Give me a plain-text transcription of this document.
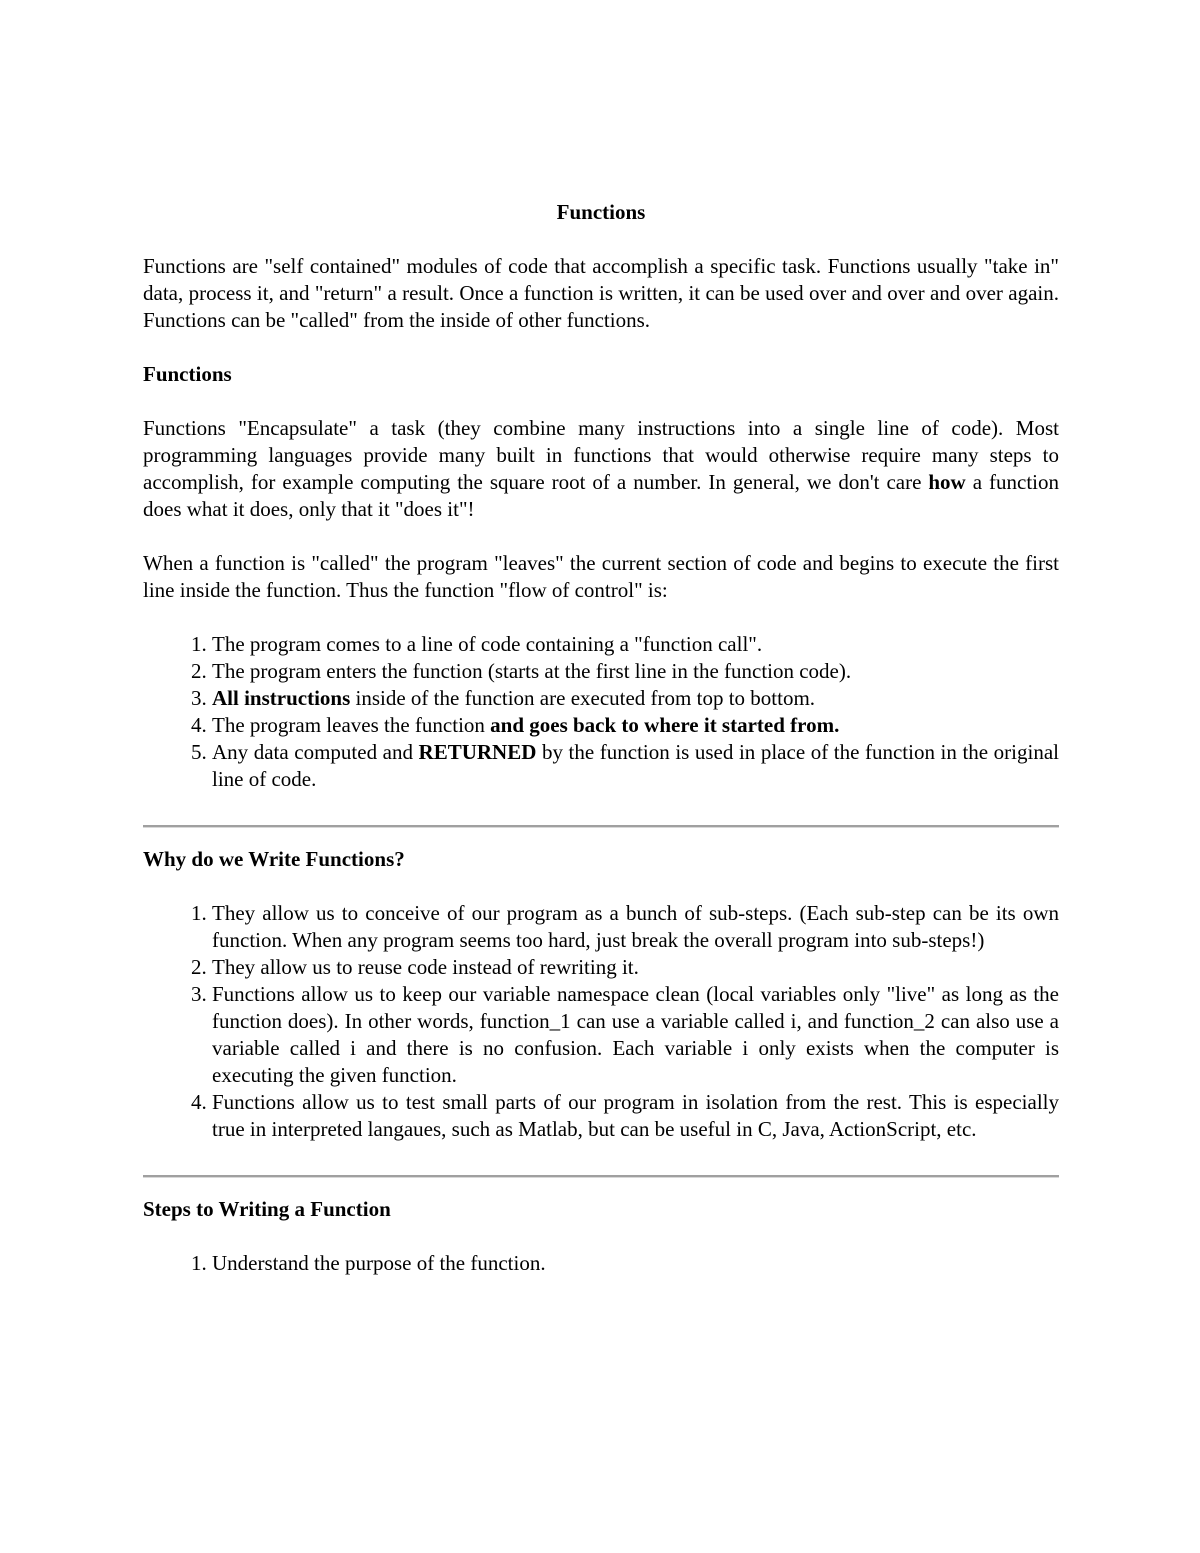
Functions

Functions are "self contained" modules of code that accomplish a specific task. Functions usually "take in" data, process it, and "return" a result. Once a function is written, it can be used over and over and over again. Functions can be "called" from the inside of other functions.

Functions

Functions "Encapsulate" a task (they combine many instructions into a single line of code). Most programming languages provide many built in functions that would otherwise require many steps to accomplish, for example computing the square root of a number. In general, we don't care how a function does what it does, only that it "does it"!

When a function is "called" the program "leaves" the current section of code and begins to execute the first line inside the function. Thus the function "flow of control" is:

1. The program comes to a line of code containing a "function call".
2. The program enters the function (starts at the first line in the function code).
3. All instructions inside of the function are executed from top to bottom.
4. The program leaves the function and goes back to where it started from.
5. Any data computed and RETURNED by the function is used in place of the function in the original line of code.
Why do we Write Functions?
1. They allow us to conceive of our program as a bunch of sub-steps. (Each sub-step can be its own function. When any program seems too hard, just break the overall program into sub-steps!)
2. They allow us to reuse code instead of rewriting it.
3. Functions allow us to keep our variable namespace clean (local variables only "live" as long as the function does). In other words, function_1 can use a variable called i, and function_2 can also use a variable called i and there is no confusion. Each variable i only exists when the computer is executing the given function.
4. Functions allow us to test small parts of our program in isolation from the rest. This is especially true in interpreted langaues, such as Matlab, but can be useful in C, Java, ActionScript, etc.
Steps to Writing a Function
1. Understand the purpose of the function.
